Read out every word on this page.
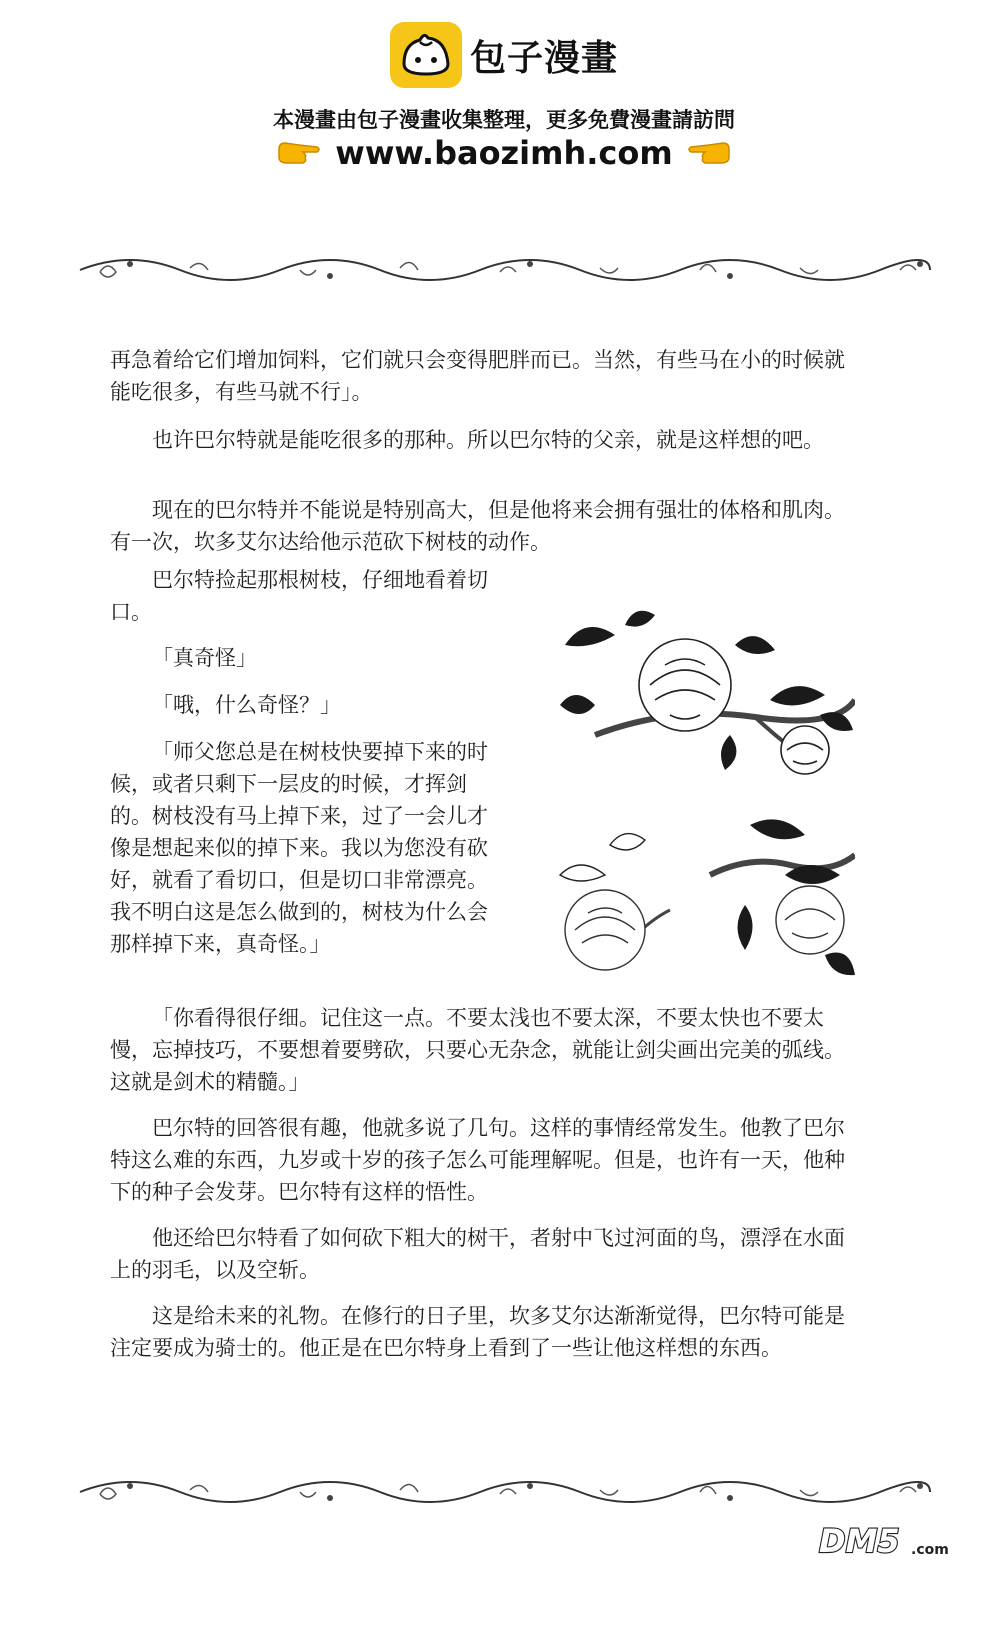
包子漫畫
本漫畫由包子漫畫收集整理，更多免費漫畫請訪問
www.baozimh.com

再急着给它们增加饲料，它们就只会变得肥胖而已。当然，有些马在小的时候就能吃很多，有些马就不行」。

也许巴尔特就是能吃很多的那种。所以巴尔特的父亲，就是这样想的吧。

现在的巴尔特并不能说是特别高大，但是他将来会拥有强壮的体格和肌肉。有一次，坎多艾尔达给他示范砍下树枝的动作。

巴尔特捡起那根树枝，仔细地看着切口。

「真奇怪」

「哦，什么奇怪？」

「师父您总是在树枝快要掉下来的时候，或者只剩下一层皮的时候，才挥剑的。树枝没有马上掉下来，过了一会儿才像是想起来似的掉下来。我以为您没有砍好，就看了看切口，但是切口非常漂亮。我不明白这是怎么做到的，树枝为什么会那样掉下来，真奇怪。」

「你看得很仔细。记住这一点。不要太浅也不要太深，不要太快也不要太慢，忘掉技巧，不要想着要劈砍，只要心无杂念，就能让剑尖画出完美的弧线。这就是剑术的精髓。」

巴尔特的回答很有趣，他就多说了几句。这样的事情经常发生。他教了巴尔特这么难的东西，九岁或十岁的孩子怎么可能理解呢。但是，也许有一天，他种下的种子会发芽。巴尔特有这样的悟性。

他还给巴尔特看了如何砍下粗大的树干，者射中飞过河面的鸟，漂浮在水面上的羽毛，以及空斩。

这是给未来的礼物。在修行的日子里，坎多艾尔达渐渐觉得，巴尔特可能是注定要成为骑士的。他正是在巴尔特身上看到了一些让他这样想的东西。

DM5 .com
